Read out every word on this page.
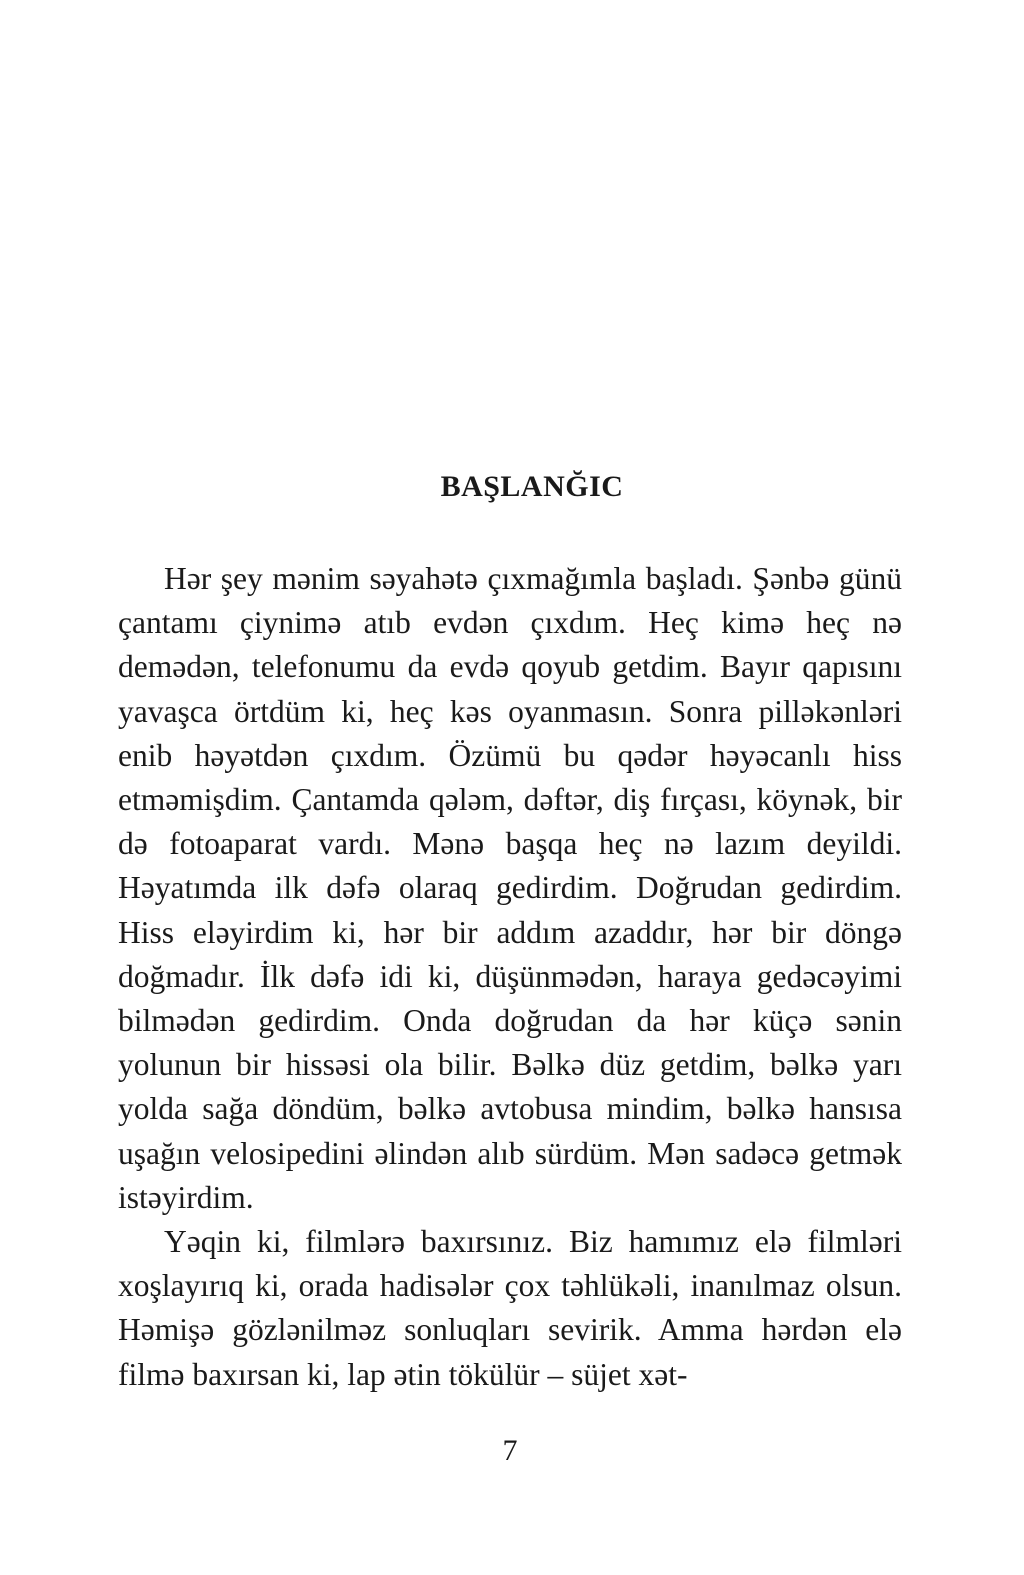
BAŞLANĞIC

Hər şey mənim səyahətə çıxmağımla başladı. Şənbə günü çantamı çiynimə atıb evdən çıxdım. Heç kimə heç nə demədən, telefonumu da evdə qoyub getdim. Bayır qapısını yavaşca örtdüm ki, heç kəs oyanmasın. Sonra pilləkənləri enib həyətdən çıxdım. Özümü bu qədər həyəcanlı hiss etməmişdim. Çantamda qələm, dəftər, diş fırçası, köynək, bir də fotoaparat vardı. Mənə başqa heç nə lazım deyildi. Həyatımda ilk dəfə olaraq gedirdim. Doğrudan gedirdim. Hiss eləyirdim ki, hər bir addım azaddır, hər bir döngə doğmadır. İlk dəfə idi ki, düşünmədən, haraya gedəcəyimi bilmədən gedirdim. Onda doğrudan da hər küçə sənin yolunun bir hissəsi ola bilir. Bəlkə düz getdim, bəlkə yarı yolda sağa döndüm, bəlkə avtobusa mindim, bəlkə hansısa uşağın velosipedini əlindən alıb sürdüm. Mən sadəcə getmək istəyirdim.

Yəqin ki, filmlərə baxırsınız. Biz hamımız elə filmləri xoşlayırıq ki, orada hadisələr çox təhlükəli, inanılmaz olsun. Həmişə gözlənilməz sonluqları sevirik. Amma hərdən elə filmə baxırsan ki, lap ətin tökülür – süjet xət-

7
